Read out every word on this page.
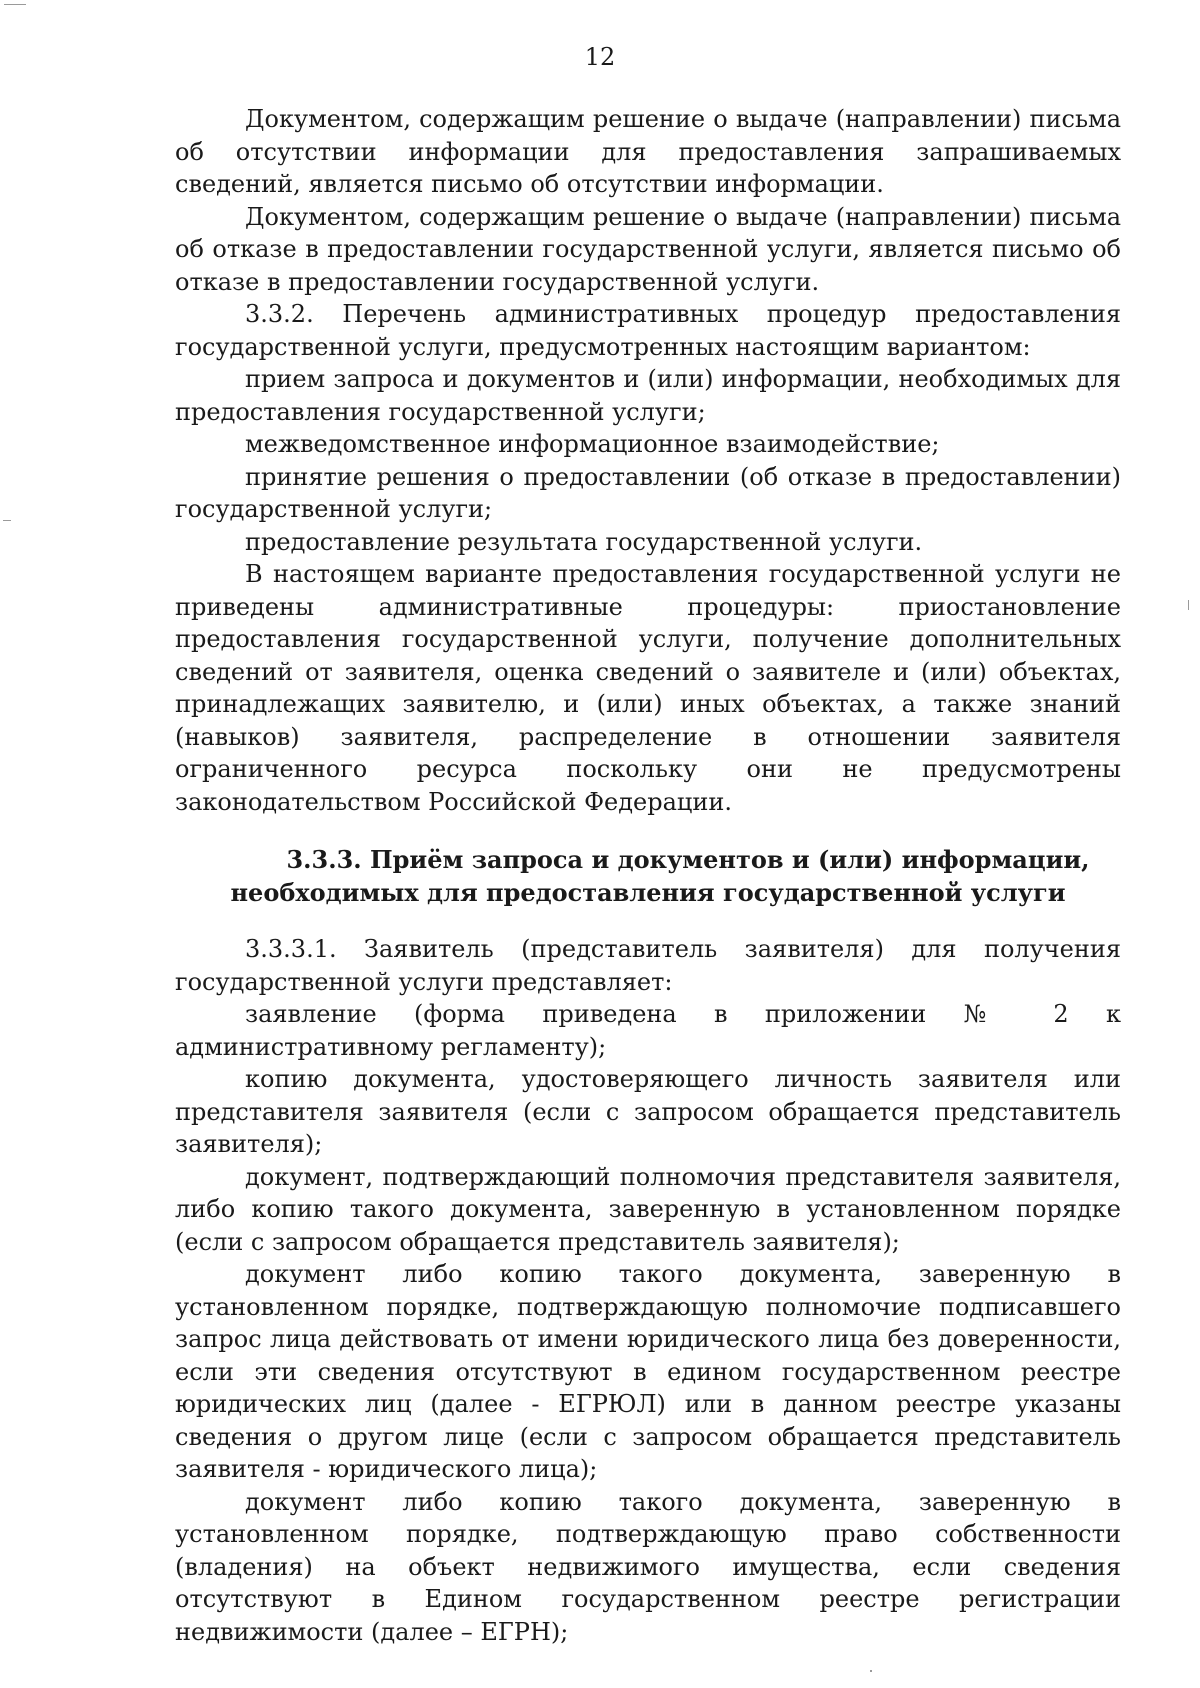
12

Документом, содержащим решение о выдаче (направлении) письма об отсутствии информации для предоставления запрашиваемых сведений, является письмо об отсутствии информации.

Документом, содержащим решение о выдаче (направлении) письма об отказе в предоставлении государственной услуги, является письмо об отказе в предоставлении государственной услуги.

3.3.2. Перечень административных процедур предоставления государственной услуги, предусмотренных настоящим вариантом:

прием запроса и документов и (или) информации, необходимых для предоставления государственной услуги;

межведомственное информационное взаимодействие;

принятие решения о предоставлении (об отказе в предоставлении) государственной услуги;

предоставление результата государственной услуги.

В настоящем варианте предоставления государственной услуги не приведены административные процедуры: приостановление предоставления государственной услуги, получение дополнительных сведений от заявителя, оценка сведений о заявителе и (или) объектах, принадлежащих заявителю, и (или) иных объектах, а также знаний (навыков) заявителя, распределение в отношении заявителя ограниченного ресурса поскольку они не предусмотрены законодательством Российской Федерации.

3.3.3. Приём запроса и документов и (или) информации,
необходимых для предоставления государственной услуги

3.3.3.1. Заявитель (представитель заявителя) для получения государственной услуги представляет:

заявление (форма приведена в приложении № 2 к административному регламенту);

копию документа, удостоверяющего личность заявителя или представителя заявителя (если с запросом обращается представитель заявителя);

документ, подтверждающий полномочия представителя заявителя, либо копию такого документа, заверенную в установленном порядке (если с запросом обращается представитель заявителя);

документ либо копию такого документа, заверенную в установленном порядке, подтверждающую полномочие подписавшего запрос лица действовать от имени юридического лица без доверенности, если эти сведения отсутствуют в едином государственном реестре юридических лиц (далее - ЕГРЮЛ) или в данном реестре указаны сведения о другом лице (если с запросом обращается представитель заявителя - юридического лица);

документ либо копию такого документа, заверенную в установленном порядке, подтверждающую право собственности (владения) на объект недвижимого имущества, если сведения отсутствуют в Едином государственном реестре регистрации недвижимости (далее – ЕГРН);
